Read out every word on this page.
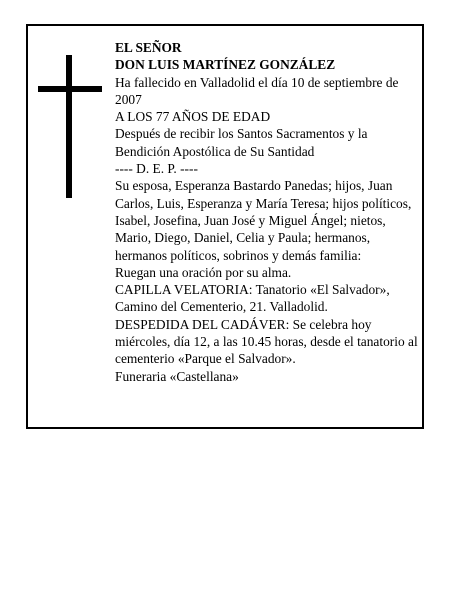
EL SEÑOR

DON LUIS MARTÍNEZ GONZÁLEZ

Ha fallecido en Valladolid el día 10 de septiembre de 2007

A LOS 77 AÑOS DE EDAD

Después de recibir los Santos Sacramentos y la Bendición Apostólica de Su Santidad

---- D. E. P. ----

Su esposa, Esperanza Bastardo Panedas; hijos, Juan Carlos, Luis, Esperanza y María Teresa; hijos políticos, Isabel, Josefina, Juan José y Miguel Ángel; nietos, Mario, Diego, Daniel, Celia y Paula; hermanos, hermanos políticos, sobrinos y demás familia:

Ruegan una oración por su alma.

CAPILLA VELATORIA: Tanatorio «El Salvador», Camino del Cementerio, 21. Valladolid.

DESPEDIDA DEL CADÁVER: Se celebra hoy miércoles, día 12, a las 10.45 horas, desde el tanatorio al cementerio «Parque el Salvador».

Funeraria «Castellana»
